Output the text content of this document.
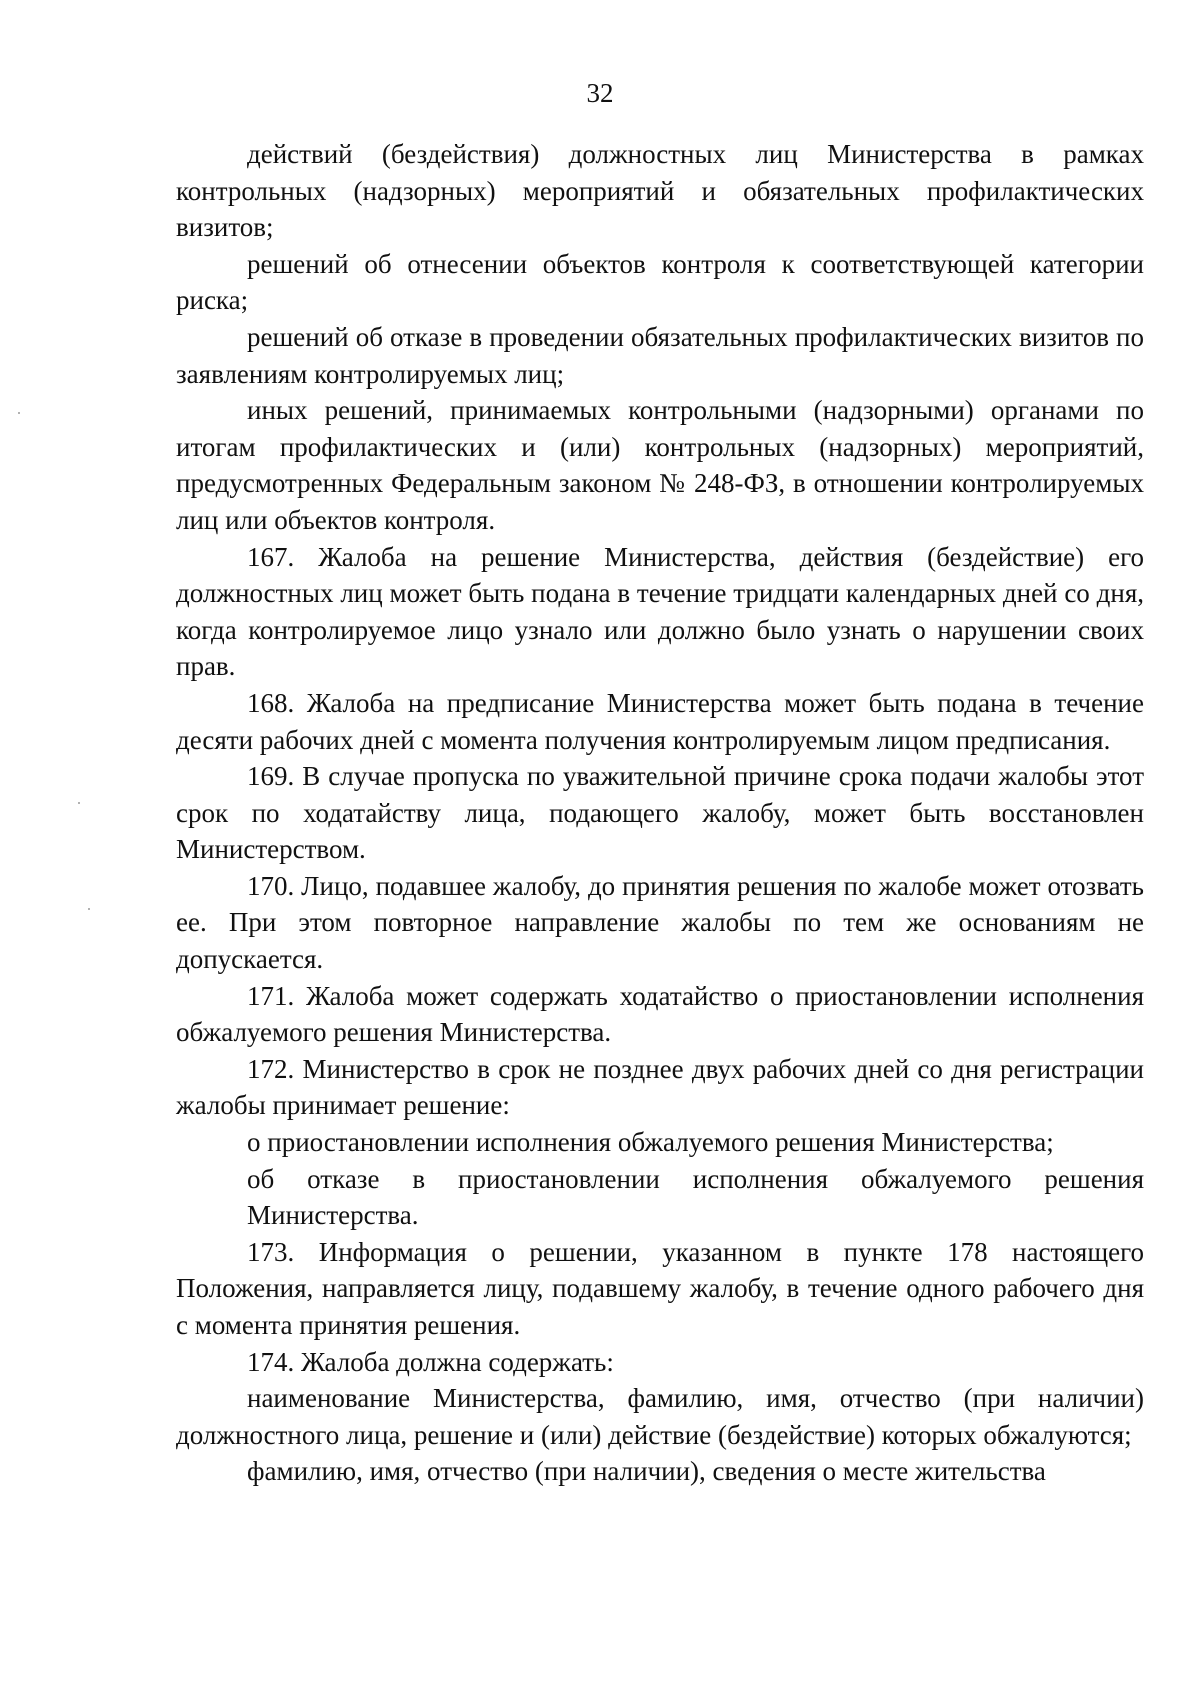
32

действий (бездействия) должностных лиц Министерства в рамках контрольных (надзорных) мероприятий и обязательных профилактических визитов;

решений об отнесении объектов контроля к соответствующей категории риска;

решений об отказе в проведении обязательных профилактических визитов по заявлениям контролируемых лиц;

иных решений, принимаемых контрольными (надзорными) органами по итогам профилактических и (или) контрольных (надзорных) мероприятий, предусмотренных Федеральным законом № 248-ФЗ, в отношении контролируемых лиц или объектов контроля.

167. Жалоба на решение Министерства, действия (бездействие) его должностных лиц может быть подана в течение тридцати календарных дней со дня, когда контролируемое лицо узнало или должно было узнать о нарушении своих прав.

168. Жалоба на предписание Министерства может быть подана в течение десяти рабочих дней с момента получения контролируемым лицом предписания.

169. В случае пропуска по уважительной причине срока подачи жалобы этот срок по ходатайству лица, подающего жалобу, может быть восстановлен Министерством.

170. Лицо, подавшее жалобу, до принятия решения по жалобе может отозвать ее. При этом повторное направление жалобы по тем же основаниям не допускается.

171. Жалоба может содержать ходатайство о приостановлении исполнения обжалуемого решения Министерства.

172. Министерство в срок не позднее двух рабочих дней со дня регистрации жалобы принимает решение:

о приостановлении исполнения обжалуемого решения Министерства;

об отказе в приостановлении исполнения обжалуемого решения Министерства.

173. Информация о решении, указанном в пункте 178 настоящего Положения, направляется лицу, подавшему жалобу, в течение одного рабочего дня с момента принятия решения.

174. Жалоба должна содержать:

наименование Министерства, фамилию, имя, отчество (при наличии) должностного лица, решение и (или) действие (бездействие) которых обжалуются;

фамилию, имя, отчество (при наличии), сведения о месте жительства
